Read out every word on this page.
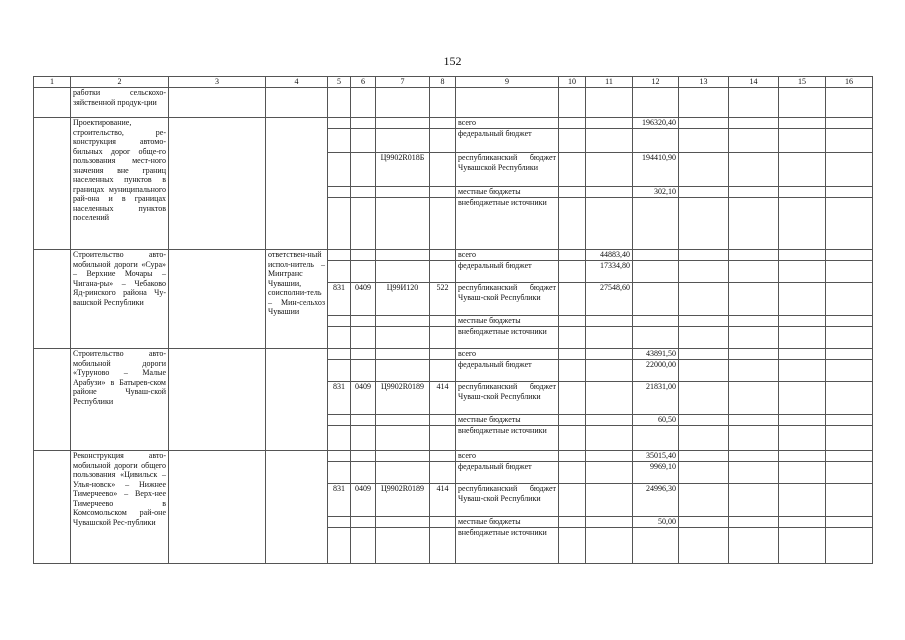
152
1	2	3	4	5	6	7	8	9	10	11	12	13	14	15	16
	работки сельскохо-зяйственной продук-ции														
	Проектирование, строительство, ре-конструкция автомо-бильных дорог обще-го пользования мест-ного значения вне границ населенных пунктов в границах муниципального рай-она и в границах населенных пунктов поселений							всего			196320,40				
								федеральный бюджет							
						Ц9902R018Б		республиканский бюджет Чувашской Республики			194410,90				
								местные бюджеты			302,10				
								внебюджетные источники							
	Строительство авто-мобильной дороги «Сура» – Верхние Мочары – Чигана-ры» – Чебаково Яд-ринского района Чу-вашской Республики		ответствен-ный испол-нитель – Минтранс Чувашии, соисполни-тель – Мин-сельхоз Чувашии					всего		44883,40					
								федеральный бюджет		17334,80					
				831	0409	Ц99И120	522	республиканский бюджет Чуваш-ской Республики		27548,60					
								местные бюджеты							
								внебюджетные источники							
	Строительство авто-мобильной дороги «Туруново – Малые Арабузи» в Батырев-ском районе Чуваш-ской Республики							всего			43891,50				
								федеральный бюджет			22000,00				
				831	0409	Ц9902R0189	414	республиканский бюджет Чуваш-ской Республики			21831,00				
								местные бюджеты			60,50				
								внебюджетные источники							
	Реконструкция авто-мобильной дороги общего пользования «Цивильск – Улья-новск» – Нижнее Тимерчеево» – Верх-нее Тимерчеево в Комсомольском рай-оне Чувашской Рес-публики							всего			35015,40				
								федеральный бюджет			9969,10				
				831	0409	Ц9902R0189	414	республиканский бюджет Чуваш-ской Республики			24996,30				
								местные бюджеты			50,00				
								внебюджетные источники							
